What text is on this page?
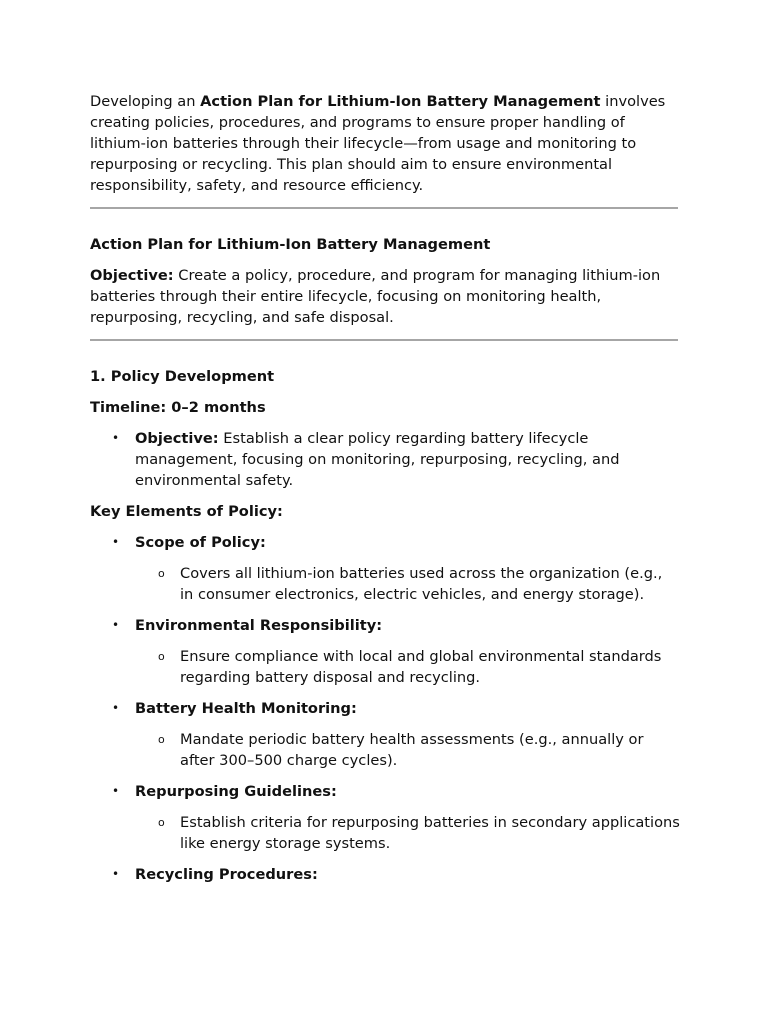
Developing an Action Plan for Lithium-Ion Battery Management involves creating policies, procedures, and programs to ensure proper handling of lithium-ion batteries through their lifecycle—from usage and monitoring to repurposing or recycling. This plan should aim to ensure environmental responsibility, safety, and resource efficiency.

Action Plan for Lithium-Ion Battery Management

Objective: Create a policy, procedure, and program for managing lithium-ion batteries through their entire lifecycle, focusing on monitoring health, repurposing, recycling, and safe disposal.

1. Policy Development

Timeline: 0–2 months

• Objective: Establish a clear policy regarding battery lifecycle management, focusing on monitoring, repurposing, recycling, and environmental safety.

Key Elements of Policy:

• Scope of Policy:
o Covers all lithium-ion batteries used across the organization (e.g., in consumer electronics, electric vehicles, and energy storage).
• Environmental Responsibility:
o Ensure compliance with local and global environmental standards regarding battery disposal and recycling.
• Battery Health Monitoring:
o Mandate periodic battery health assessments (e.g., annually or after 300–500 charge cycles).
• Repurposing Guidelines:
o Establish criteria for repurposing batteries in secondary applications like energy storage systems.
• Recycling Procedures:
